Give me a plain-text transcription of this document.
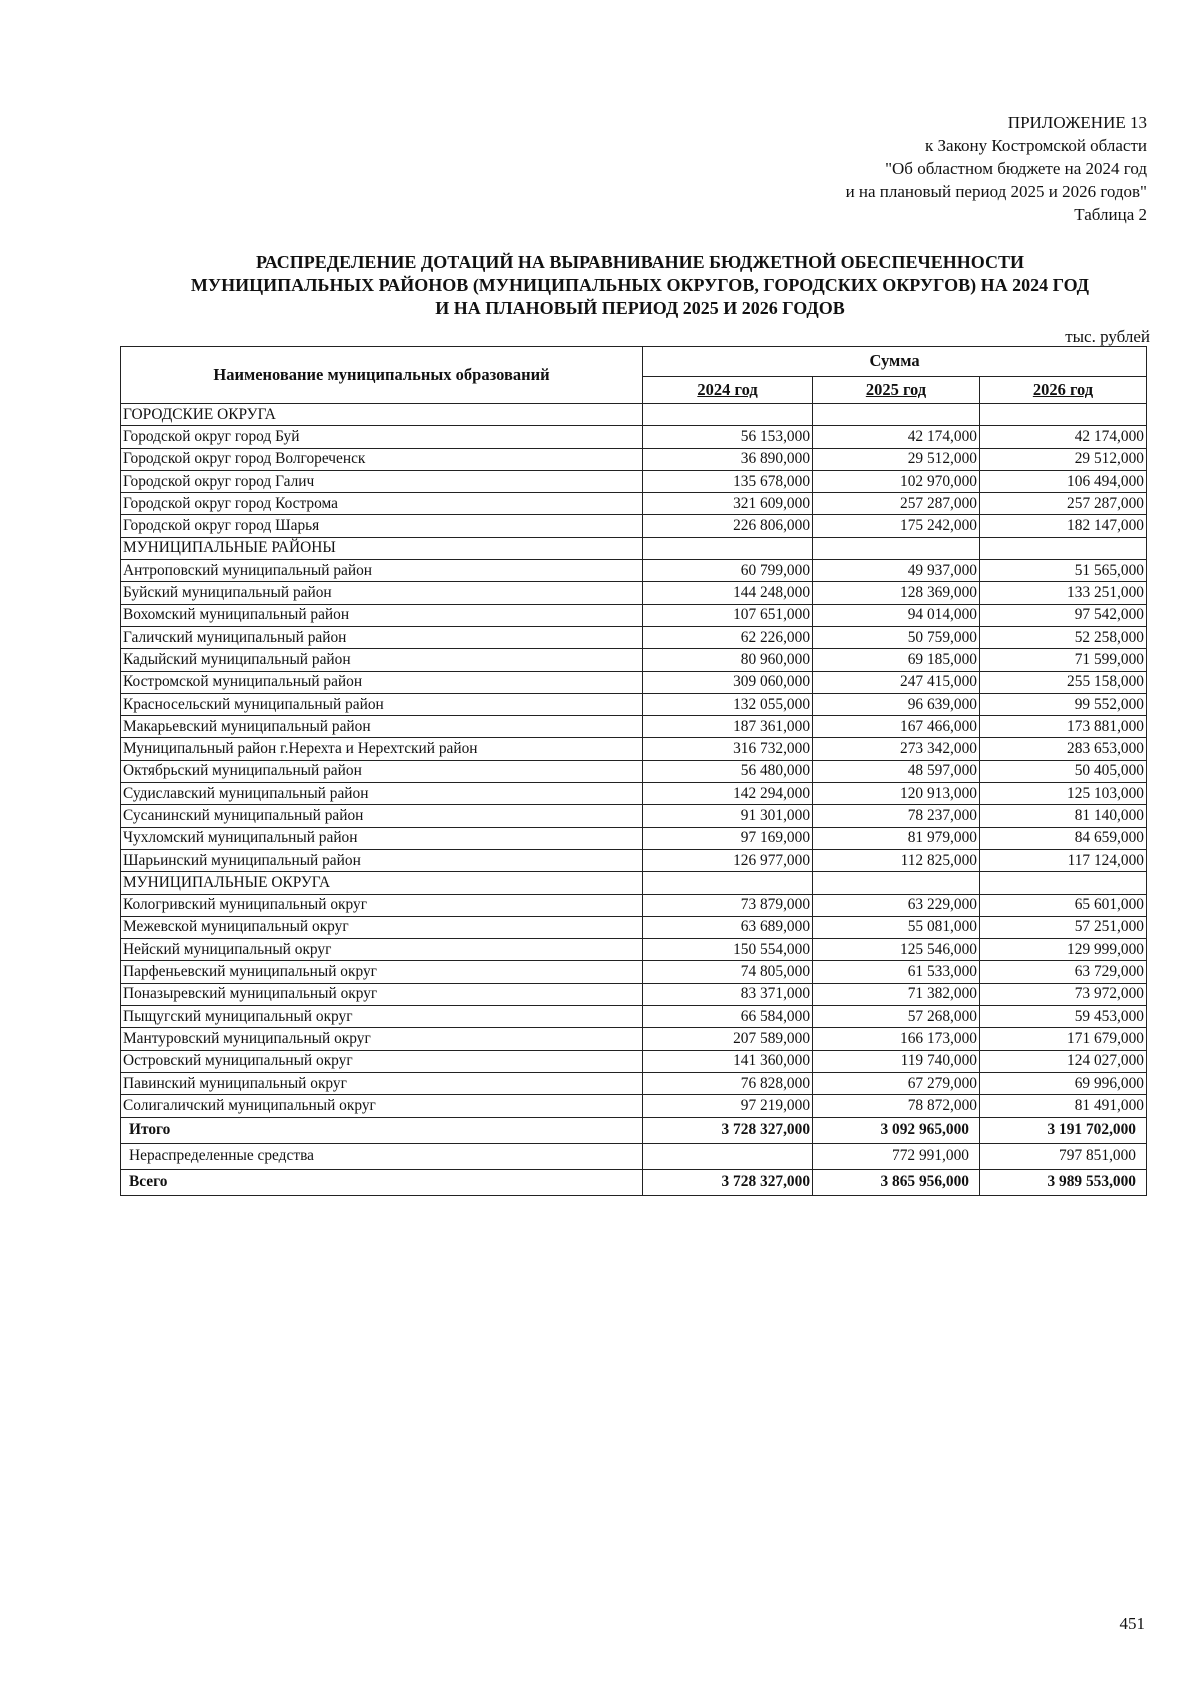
ПРИЛОЖЕНИЕ 13
к Закону Костромской области
"Об областном бюджете на 2024 год
и на плановый период 2025 и 2026 годов"
Таблица 2
РАСПРЕДЕЛЕНИЕ ДОТАЦИЙ НА ВЫРАВНИВАНИЕ БЮДЖЕТНОЙ ОБЕСПЕЧЕННОСТИ
МУНИЦИПАЛЬНЫХ РАЙОНОВ (МУНИЦИПАЛЬНЫХ ОКРУГОВ, ГОРОДСКИХ ОКРУГОВ) НА 2024 ГОД
И НА ПЛАНОВЫЙ ПЕРИОД 2025 И 2026 ГОДОВ
тыс. рублей
Наименование муниципальных образований	Сумма		
	2024 год	2025 год	2026 год
ГОРОДСКИЕ ОКРУГА			
Городской округ город Буй	56 153,000	42 174,000	42 174,000
Городской округ город Волгореченск	36 890,000	29 512,000	29 512,000
Городской округ город Галич	135 678,000	102 970,000	106 494,000
Городской округ город Кострома	321 609,000	257 287,000	257 287,000
Городской округ город Шарья	226 806,000	175 242,000	182 147,000
МУНИЦИПАЛЬНЫЕ РАЙОНЫ			
Антроповский муниципальный район	60 799,000	49 937,000	51 565,000
Буйский муниципальный район	144 248,000	128 369,000	133 251,000
Вохомский муниципальный район	107 651,000	94 014,000	97 542,000
Галичский муниципальный район	62 226,000	50 759,000	52 258,000
Кадыйский муниципальный район	80 960,000	69 185,000	71 599,000
Костромской муниципальный район	309 060,000	247 415,000	255 158,000
Красносельский муниципальный район	132 055,000	96 639,000	99 552,000
Макарьевский муниципальный район	187 361,000	167 466,000	173 881,000
Муниципальный район г.Нерехта и Нерехтский район	316 732,000	273 342,000	283 653,000
Октябрьский муниципальный район	56 480,000	48 597,000	50 405,000
Судиславский муниципальный район	142 294,000	120 913,000	125 103,000
Сусанинский муниципальный район	91 301,000	78 237,000	81 140,000
Чухломский муниципальный район	97 169,000	81 979,000	84 659,000
Шарьинский муниципальный район	126 977,000	112 825,000	117 124,000
МУНИЦИПАЛЬНЫЕ ОКРУГА			
Кологривский муниципальный округ	73 879,000	63 229,000	65 601,000
Межевской муниципальный округ	63 689,000	55 081,000	57 251,000
Нейский муниципальный округ	150 554,000	125 546,000	129 999,000
Парфеньевский муниципальный округ	74 805,000	61 533,000	63 729,000
Поназыревский муниципальный округ	83 371,000	71 382,000	73 972,000
Пыщугский муниципальный округ	66 584,000	57 268,000	59 453,000
Мантуровский муниципальный округ	207 589,000	166 173,000	171 679,000
Островский муниципальный округ	141 360,000	119 740,000	124 027,000
Павинский муниципальный округ	76 828,000	67 279,000	69 996,000
Солигаличский муниципальный округ	97 219,000	78 872,000	81 491,000
Итого	3 728 327,000	3 092 965,000	3 191 702,000
Нераспределенные средства		772 991,000	797 851,000
Всего	3 728 327,000	3 865 956,000	3 989 553,000
451
